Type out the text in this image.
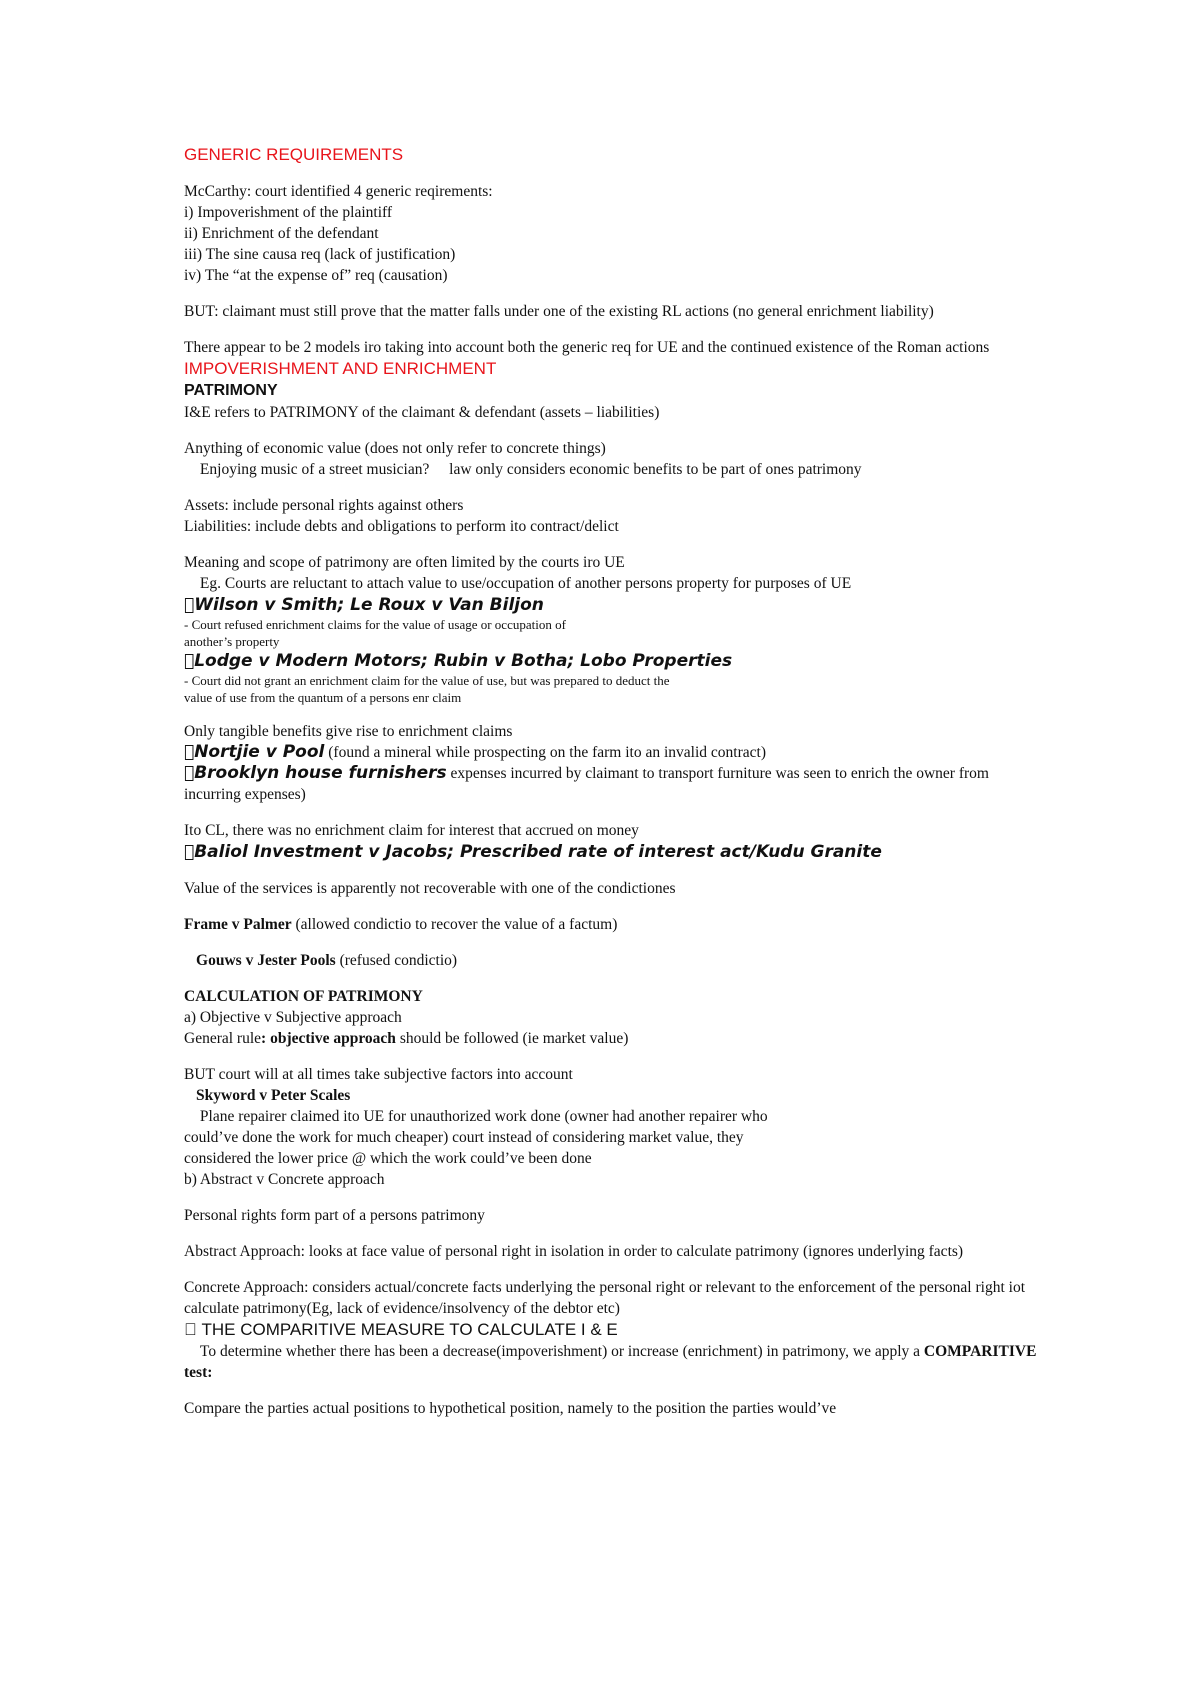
GENERIC REQUIREMENTS
McCarthy: court identified 4 generic reqirements:
i) Impoverishment of the plaintiff
ii) Enrichment of the defendant
iii) The sine causa req (lack of justification)
iv) The “at the expense of” req (causation)
BUT: claimant must still prove that the matter falls under one of the existing RL actions (no general enrichment liability)
There appear to be 2 models iro taking into account both the generic req for UE and the continued existence of the Roman actions
IMPOVERISHMENT AND ENRICHMENT
PATRIMONY
I&E refers to PATRIMONY of the claimant & defendant (assets – liabilities)
Anything of economic value (does not only refer to concrete things)
Enjoying music of a street musician? law only considers economic benefits to be part of ones patrimony
Assets: include personal rights against others
Liabilities: include debts and obligations to perform ito contract/delict
Meaning and scope of patrimony are often limited by the courts iro UE
Eg. Courts are reluctant to attach value to use/occupation of another persons property for purposes of UE
Wilson v Smith; Le Roux v Van Biljon
- Court refused enrichment claims for the value of usage or occupation of
another’s property
Lodge v Modern Motors; Rubin v Botha; Lobo Properties
- Court did not grant an enrichment claim for the value of use, but was prepared to deduct the
value of use from the quantum of a persons enr claim
Only tangible benefits give rise to enrichment claims
Nortjie v Pool (found a mineral while prospecting on the farm ito an invalid contract)
Brooklyn house furnishers expenses incurred by claimant to transport furniture was seen to enrich the owner from incurring expenses)
Ito CL, there was no enrichment claim for interest that accrued on money
Baliol Investment v Jacobs; Prescribed rate of interest act/Kudu Granite
Value of the services is apparently not recoverable with one of the condictiones
Frame v Palmer (allowed condictio to recover the value of a factum)
Gouws v Jester Pools (refused condictio)
CALCULATION OF PATRIMONY
a) Objective v Subjective approach
General rule: objective approach should be followed (ie market value)
BUT court will at all times take subjective factors into account
Skyword v Peter Scales
Plane repairer claimed ito UE for unauthorized work done (owner had another repairer who
could’ve done the work for much cheaper) court instead of considering market value, they
considered the lower price @ which the work could’ve been done
b) Abstract v Concrete approach
Personal rights form part of a persons patrimony
Abstract Approach: looks at face value of personal right in isolation in order to calculate patrimony (ignores underlying facts)
Concrete Approach: considers actual/concrete facts underlying the personal right or relevant to the enforcement of the personal right iot calculate patrimony(Eg, lack of evidence/insolvency of the debtor etc)
THE COMPARITIVE MEASURE TO CALCULATE I & E
To determine whether there has been a decrease(impoverishment) or increase (enrichment) in patrimony, we apply a COMPARITIVE test:
Compare the parties actual positions to hypothetical position, namely to the position the parties would’ve
